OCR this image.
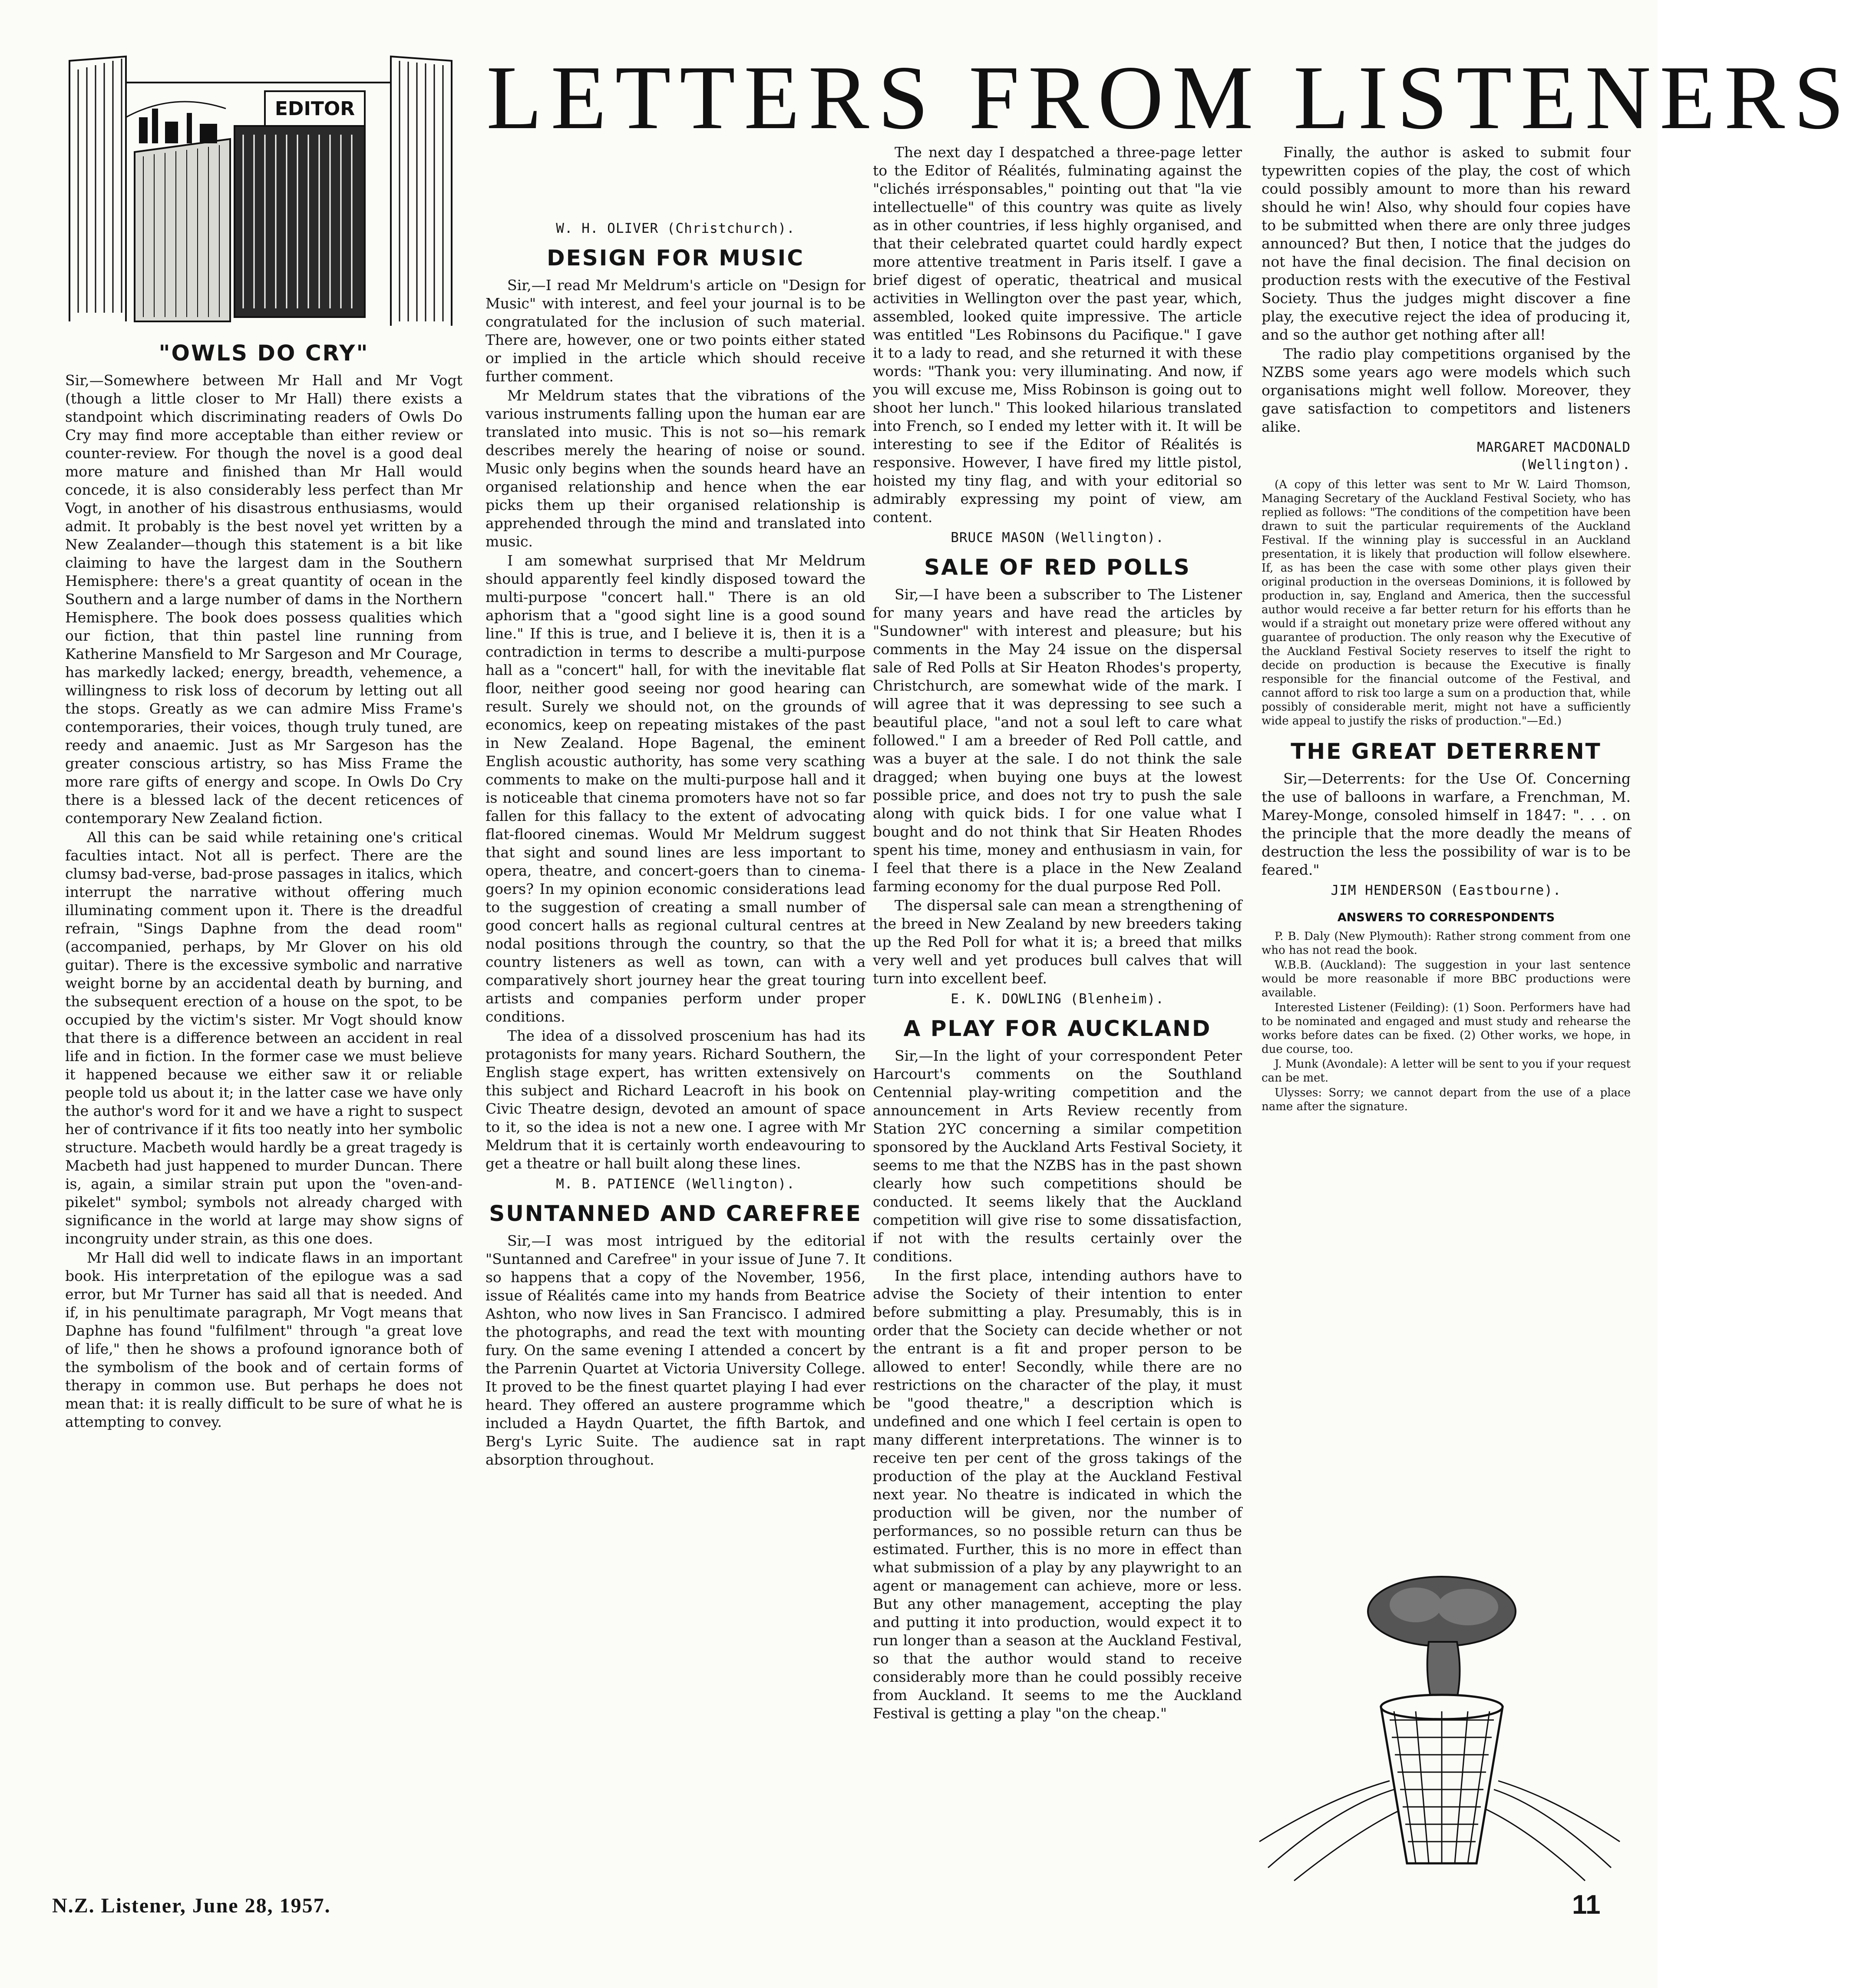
EDITOR LETTERS FROM LISTENERS
"OWLS DO CRY"

Sir,—Somewhere between Mr Hall and Mr Vogt (though a little closer to Mr Hall) there exists a standpoint which discriminating readers of Owls Do Cry may find more acceptable than either review or counter-review. For though the novel is a good deal more mature and finished than Mr Hall would concede, it is also considerably less perfect than Mr Vogt, in another of his disastrous enthusiasms, would admit. It probably is the best novel yet written by a New Zealander—though this statement is a bit like claiming to have the largest dam in the Southern Hemisphere: there's a great quantity of ocean in the Southern and a large number of dams in the Northern Hemisphere. The book does possess qualities which our fiction, that thin pastel line running from Katherine Mansfield to Mr Sargeson and Mr Courage, has markedly lacked; energy, breadth, vehemence, a willingness to risk loss of decorum by letting out all the stops. Greatly as we can admire Miss Frame's contemporaries, their voices, though truly tuned, are reedy and anaemic. Just as Mr Sargeson has the greater conscious artistry, so has Miss Frame the more rare gifts of energy and scope. In Owls Do Cry there is a blessed lack of the decent reticences of contemporary New Zealand fiction.

All this can be said while retaining one's critical faculties intact. Not all is perfect. There are the clumsy bad-verse, bad-prose passages in italics, which interrupt the narrative without offering much illuminating comment upon it. There is the dreadful refrain, "Sings Daphne from the dead room" (accompanied, perhaps, by Mr Glover on his old guitar). There is the excessive symbolic and narrative weight borne by an accidental death by burning, and the subsequent erection of a house on the spot, to be occupied by the victim's sister. Mr Vogt should know that there is a difference between an accident in real life and in fiction. In the former case we must believe it happened because we either saw it or reliable people told us about it; in the latter case we have only the author's word for it and we have a right to suspect her of contrivance if it fits too neatly into her symbolic structure. Macbeth would hardly be a great tragedy is Macbeth had just happened to murder Duncan. There is, again, a similar strain put upon the "oven-and-pikelet" symbol; symbols not already charged with significance in the world at large may show signs of incongruity under strain, as this one does.

Mr Hall did well to indicate flaws in an important book. His interpretation of the epilogue was a sad error, but Mr Turner has said all that is needed. And if, in his penultimate paragraph, Mr Vogt means that Daphne has found "fulfilment" through "a great love of life," then he shows a profound ignorance both of the symbolism of the book and of certain forms of therapy in common use. But perhaps he does not mean that: it is really difficult to be sure of what he is attempting to convey.

W. H. OLIVER (Christchurch).
DESIGN FOR MUSIC

Sir,—I read Mr Meldrum's article on "Design for Music" with interest, and feel your journal is to be congratulated for the inclusion of such material. There are, however, one or two points either stated or implied in the article which should receive further comment.

Mr Meldrum states that the vibrations of the various instruments falling upon the human ear are translated into music. This is not so—his remark describes merely the hearing of noise or sound. Music only begins when the sounds heard have an organised relationship and hence when the ear picks them up their organised relationship is apprehended through the mind and translated into music.

I am somewhat surprised that Mr Meldrum should apparently feel kindly disposed toward the multi-purpose "concert hall." There is an old aphorism that a "good sight line is a good sound line." If this is true, and I believe it is, then it is a contradiction in terms to describe a multi-purpose hall as a "concert" hall, for with the inevitable flat floor, neither good seeing nor good hearing can result. Surely we should not, on the grounds of economics, keep on repeating mistakes of the past in New Zealand. Hope Bagenal, the eminent English acoustic authority, has some very scathing comments to make on the multi-purpose hall and it is noticeable that cinema promoters have not so far fallen for this fallacy to the extent of advocating flat-floored cinemas. Would Mr Meldrum suggest that sight and sound lines are less important to opera, theatre, and concert-goers than to cinema-goers? In my opinion economic considerations lead to the suggestion of creating a small number of good concert halls as regional cultural centres at nodal positions through the country, so that the country listeners as well as town, can with a comparatively short journey hear the great touring artists and companies perform under proper conditions.

The idea of a dissolved proscenium has had its protagonists for many years. Richard Southern, the English stage expert, has written extensively on this subject and Richard Leacroft in his book on Civic Theatre design, devoted an amount of space to it, so the idea is not a new one. I agree with Mr Meldrum that it is certainly worth endeavouring to get a theatre or hall built along these lines.

M. B. PATIENCE (Wellington).
SUNTANNED AND CAREFREE

Sir,—I was most intrigued by the editorial "Suntanned and Carefree" in your issue of June 7. It so happens that a copy of the November, 1956, issue of Réalités came into my hands from Beatrice Ashton, who now lives in San Francisco. I admired the photographs, and read the text with mounting fury. On the same evening I attended a concert by the Parrenin Quartet at Victoria University College. It proved to be the finest quartet playing I had ever heard. They offered an austere programme which included a Haydn Quartet, the fifth Bartok, and Berg's Lyric Suite. The audience sat in rapt absorption throughout.

The next day I despatched a three-page letter to the Editor of Réalités, fulminating against the "clichés irrésponsables," pointing out that "la vie intellectuelle" of this country was quite as lively as in other countries, if less highly organised, and that their celebrated quartet could hardly expect more attentive treatment in Paris itself. I gave a brief digest of operatic, theatrical and musical activities in Wellington over the past year, which, assembled, looked quite impressive. The article was entitled "Les Robinsons du Pacifique." I gave it to a lady to read, and she returned it with these words: "Thank you: very illuminating. And now, if you will excuse me, Miss Robinson is going out to shoot her lunch." This looked hilarious translated into French, so I ended my letter with it. It will be interesting to see if the Editor of Réalités is responsive. However, I have fired my little pistol, hoisted my tiny flag, and with your editorial so admirably expressing my point of view, am content.

BRUCE MASON (Wellington).
SALE OF RED POLLS

Sir,—I have been a subscriber to The Listener for many years and have read the articles by "Sundowner" with interest and pleasure; but his comments in the May 24 issue on the dispersal sale of Red Polls at Sir Heaton Rhodes's property, Christchurch, are somewhat wide of the mark. I will agree that it was depressing to see such a beautiful place, "and not a soul left to care what followed." I am a breeder of Red Poll cattle, and was a buyer at the sale. I do not think the sale dragged; when buying one buys at the lowest possible price, and does not try to push the sale along with quick bids. I for one value what I bought and do not think that Sir Heaten Rhodes spent his time, money and enthusiasm in vain, for I feel that there is a place in the New Zealand farming economy for the dual purpose Red Poll.

The dispersal sale can mean a strengthening of the breed in New Zealand by new breeders taking up the Red Poll for what it is; a breed that milks very well and yet produces bull calves that will turn into excellent beef.

E. K. DOWLING (Blenheim).
A PLAY FOR AUCKLAND

Sir,—In the light of your correspondent Peter Harcourt's comments on the Southland Centennial play-writing competition and the announcement in Arts Review recently from Station 2YC concerning a similar competition sponsored by the Auckland Arts Festival Society, it seems to me that the NZBS has in the past shown clearly how such competitions should be conducted. It seems likely that the Auckland competition will give rise to some dissatisfaction, if not with the results certainly over the conditions.

In the first place, intending authors have to advise the Society of their intention to enter before submitting a play. Presumably, this is in order that the Society can decide whether or not the entrant is a fit and proper person to be allowed to enter! Secondly, while there are no restrictions on the character of the play, it must be "good theatre," a description which is undefined and one which I feel certain is open to many different interpretations. The winner is to receive ten per cent of the gross takings of the production of the play at the Auckland Festival next year. No theatre is indicated in which the production will be given, nor the number of performances, so no possible return can thus be estimated. Further, this is no more in effect than what submission of a play by any playwright to an agent or management can achieve, more or less. But any other management, accepting the play and putting it into production, would expect it to run longer than a season at the Auckland Festival, so that the author would stand to receive considerably more than he could possibly receive from Auckland. It seems to me the Auckland Festival is getting a play "on the cheap."

Finally, the author is asked to submit four typewritten copies of the play, the cost of which could possibly amount to more than his reward should he win! Also, why should four copies have to be submitted when there are only three judges announced? But then, I notice that the judges do not have the final decision. The final decision on production rests with the executive of the Festival Society. Thus the judges might discover a fine play, the executive reject the idea of producing it, and so the author get nothing after all!

The radio play competitions organised by the NZBS some years ago were models which such organisations might well follow. Moreover, they gave satisfaction to competitors and listeners alike.

MARGARET MACDONALD
(Wellington).

(A copy of this letter was sent to Mr W. Laird Thomson, Managing Secretary of the Auckland Festival Society, who has replied as follows: "The conditions of the competition have been drawn to suit the particular requirements of the Auckland Festival. If the winning play is successful in an Auckland presentation, it is likely that production will follow elsewhere. If, as has been the case with some other plays given their original production in the overseas Dominions, it is followed by production in, say, England and America, then the successful author would receive a far better return for his efforts than he would if a straight out monetary prize were offered without any guarantee of production. The only reason why the Executive of the Auckland Festival Society reserves to itself the right to decide on production is because the Executive is finally responsible for the financial outcome of the Festival, and cannot afford to risk too large a sum on a production that, while possibly of considerable merit, might not have a sufficiently wide appeal to justify the risks of production."—Ed.)

THE GREAT DETERRENT

Sir,—Deterrents: for the Use Of. Concerning the use of balloons in warfare, a Frenchman, M. Marey-Monge, consoled himself in 1847: ". . . on the principle that the more deadly the means of destruction the less the possibility of war is to be feared."

JIM HENDERSON (Eastbourne).
ANSWERS TO CORRESPONDENTS

P. B. Daly (New Plymouth): Rather strong comment from one who has not read the book.

W.B.B. (Auckland): The suggestion in your last sentence would be more reasonable if more BBC productions were available.

Interested Listener (Feilding): (1) Soon. Performers have had to be nominated and engaged and must study and rehearse the works before dates can be fixed. (2) Other works, we hope, in due course, too.

J. Munk (Avondale): A letter will be sent to you if your request can be met.

Ulysses: Sorry; we cannot depart from the use of a place name after the signature.

N.Z. Listener, June 28, 1957.	11
